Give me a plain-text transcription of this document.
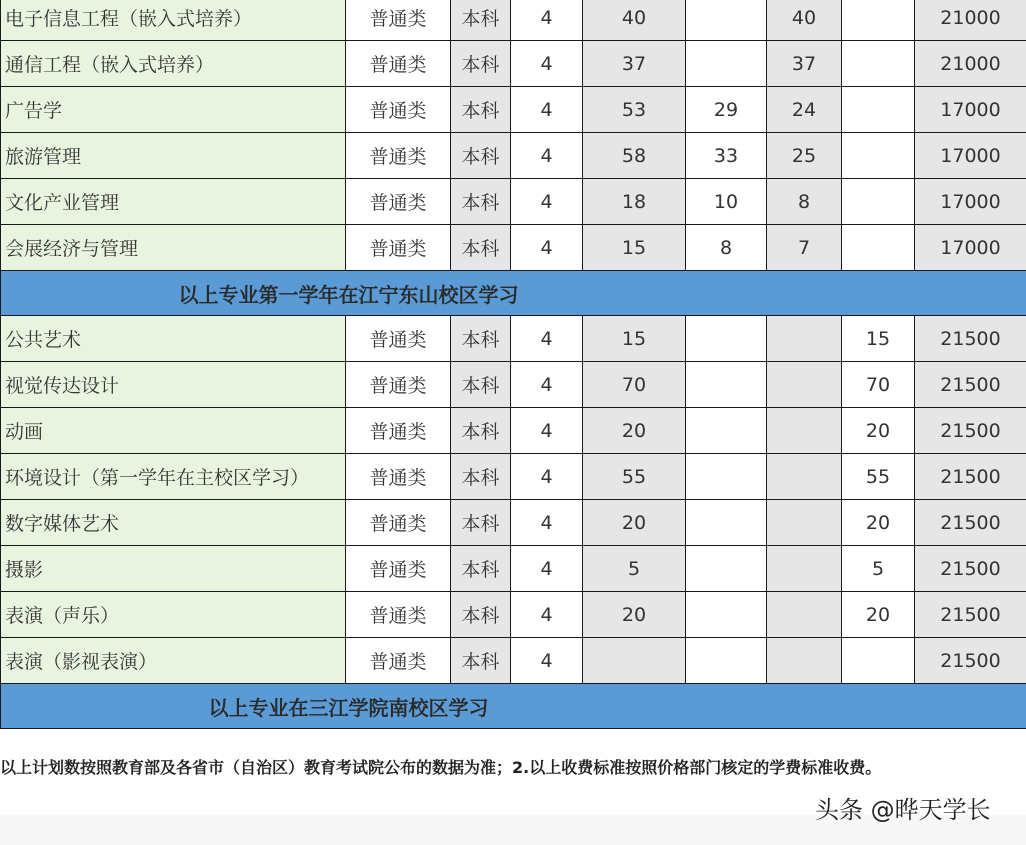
电子信息工程（嵌入式培养）	普通类	本科	4	40		40		21000
通信工程（嵌入式培养）	普通类	本科	4	37		37		21000
广告学	普通类	本科	4	53	29	24		17000
旅游管理	普通类	本科	4	58	33	25		17000
文化产业管理	普通类	本科	4	18	10	8		17000
会展经济与管理	普通类	本科	4	15	8	7		17000
以上专业第一学年在江宁东山校区学习								
公共艺术	普通类	本科	4	15			15	21500
视觉传达设计	普通类	本科	4	70			70	21500
动画	普通类	本科	4	20			20	21500
环境设计（第一学年在主校区学习）	普通类	本科	4	55			55	21500
数字媒体艺术	普通类	本科	4	20			20	21500
摄影	普通类	本科	4	5			5	21500
表演（声乐）	普通类	本科	4	20			20	21500
表演（影视表演）	普通类	本科	4					21500
以上专业在三江学院南校区学习								
以上计划数按照教育部及各省市（自治区）教育考试院公布的数据为准；2.以上收费标准按照价格部门核定的学费标准收费。
头条 @晔天学长
